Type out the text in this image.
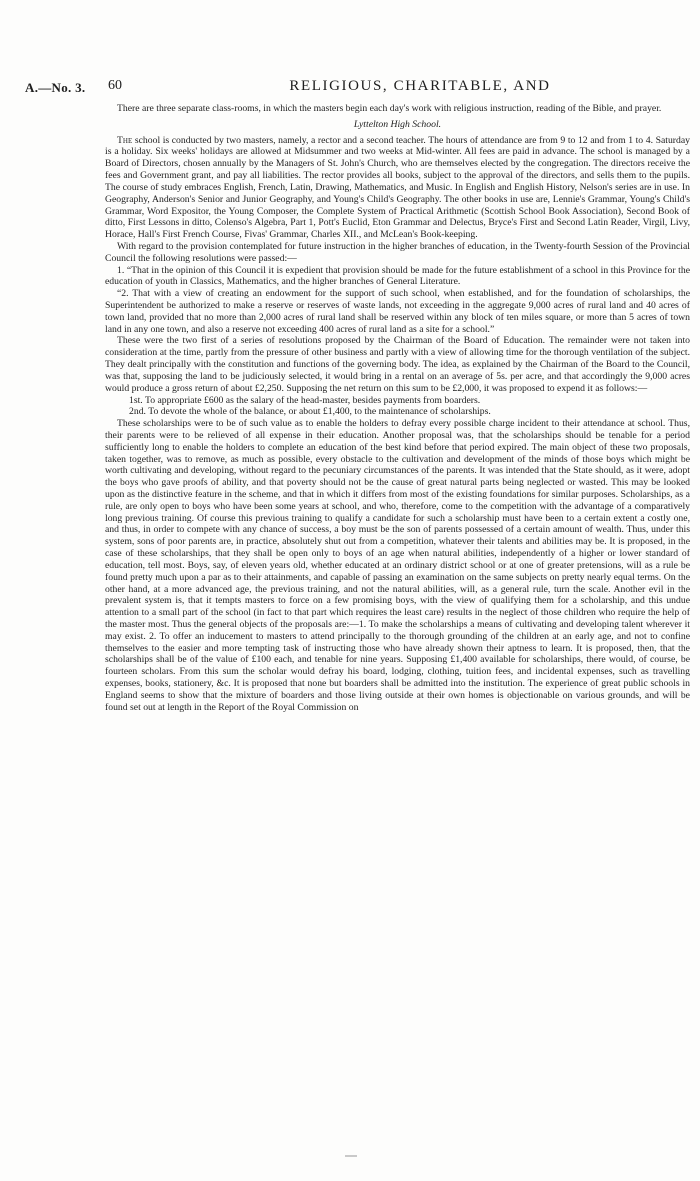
A.—No. 3. 60	RELIGIOUS, CHARITABLE, AND

There are three separate class-rooms, in which the masters begin each day's work with religious instruction, reading of the Bible, and prayer.

Lyttelton High School.

The school is conducted by two masters, namely, a rector and a second teacher. The hours of attendance are from 9 to 12 and from 1 to 4. Saturday is a holiday. Six weeks' holidays are allowed at Midsummer and two weeks at Mid-winter. All fees are paid in advance. The school is managed by a Board of Directors, chosen annually by the Managers of St. John's Church, who are themselves elected by the congregation. The directors receive the fees and Government grant, and pay all liabilities. The rector provides all books, subject to the approval of the directors, and sells them to the pupils. The course of study embraces English, French, Latin, Drawing, Mathematics, and Music. In English and English History, Nelson's series are in use. In Geography, Anderson's Senior and Junior Geography, and Young's Child's Geography. The other books in use are, Lennie's Grammar, Young's Child's Grammar, Word Expositor, the Young Composer, the Complete System of Practical Arithmetic (Scottish School Book Association), Second Book of ditto, First Lessons in ditto, Colenso's Algebra, Part 1, Pott's Euclid, Eton Grammar and Delectus, Bryce's First and Second Latin Reader, Virgil, Livy, Horace, Hall's First French Course, Fivas' Grammar, Charles XII., and McLean's Book-keeping.

With regard to the provision contemplated for future instruction in the higher branches of education, in the Twenty-fourth Session of the Provincial Council the following resolutions were passed:—

1. “That in the opinion of this Council it is expedient that provision should be made for the future establishment of a school in this Province for the education of youth in Classics, Mathematics, and the higher branches of General Literature.

“2. That with a view of creating an endowment for the support of such school, when established, and for the foundation of scholarships, the Superintendent be authorized to make a reserve or reserves of waste lands, not exceeding in the aggregate 9,000 acres of rural land and 40 acres of town land, provided that no more than 2,000 acres of rural land shall be reserved within any block of ten miles square, or more than 5 acres of town land in any one town, and also a reserve not exceeding 400 acres of rural land as a site for a school.”

These were the two first of a series of resolutions proposed by the Chairman of the Board of Education. The remainder were not taken into consideration at the time, partly from the pressure of other business and partly with a view of allowing time for the thorough ventilation of the subject. They dealt principally with the constitution and functions of the governing body. The idea, as explained by the Chairman of the Board to the Council, was that, supposing the land to be judiciously selected, it would bring in a rental on an average of 5s. per acre, and that accordingly the 9,000 acres would produce a gross return of about £2,250. Supposing the net return on this sum to be £2,000, it was proposed to expend it as follows:—

1st. To appropriate £600 as the salary of the head-master, besides payments from boarders.

2nd. To devote the whole of the balance, or about £1,400, to the maintenance of scholarships.

These scholarships were to be of such value as to enable the holders to defray every possible charge incident to their attendance at school. Thus, their parents were to be relieved of all expense in their education. Another proposal was, that the scholarships should be tenable for a period sufficiently long to enable the holders to complete an education of the best kind before that period expired. The main object of these two proposals, taken together, was to remove, as much as possible, every obstacle to the cultivation and development of the minds of those boys which might be worth cultivating and developing, without regard to the pecuniary circumstances of the parents. It was intended that the State should, as it were, adopt the boys who gave proofs of ability, and that poverty should not be the cause of great natural parts being neglected or wasted. This may be looked upon as the distinctive feature in the scheme, and that in which it differs from most of the existing foundations for similar purposes. Scholarships, as a rule, are only open to boys who have been some years at school, and who, therefore, come to the competition with the advantage of a comparatively long previous training. Of course this previous training to qualify a candidate for such a scholarship must have been to a certain extent a costly one, and thus, in order to compete with any chance of success, a boy must be the son of parents possessed of a certain amount of wealth. Thus, under this system, sons of poor parents are, in practice, absolutely shut out from a competition, whatever their talents and abilities may be. It is proposed, in the case of these scholarships, that they shall be open only to boys of an age when natural abilities, independently of a higher or lower standard of education, tell most. Boys, say, of eleven years old, whether educated at an ordinary district school or at one of greater pretensions, will as a rule be found pretty much upon a par as to their attainments, and capable of passing an examination on the same subjects on pretty nearly equal terms. On the other hand, at a more advanced age, the previous training, and not the natural abilities, will, as a general rule, turn the scale. Another evil in the prevalent system is, that it tempts masters to force on a few promising boys, with the view of qualifying them for a scholarship, and this undue attention to a small part of the school (in fact to that part which requires the least care) results in the neglect of those children who require the help of the master most. Thus the general objects of the proposals are:—1. To make the scholarships a means of cultivating and developing talent wherever it may exist. 2. To offer an inducement to masters to attend principally to the thorough grounding of the children at an early age, and not to confine themselves to the easier and more tempting task of instructing those who have already shown their aptness to learn. It is proposed, then, that the scholarships shall be of the value of £100 each, and tenable for nine years. Supposing £1,400 available for scholarships, there would, of course, be fourteen scholars. From this sum the scholar would defray his board, lodging, clothing, tuition fees, and incidental expenses, such as travelling expenses, books, stationery, &c. It is proposed that none but boarders shall be admitted into the institution. The experience of great public schools in England seems to show that the mixture of boarders and those living outside at their own homes is objectionable on various grounds, and will be found set out at length in the Report of the Royal Commission on
